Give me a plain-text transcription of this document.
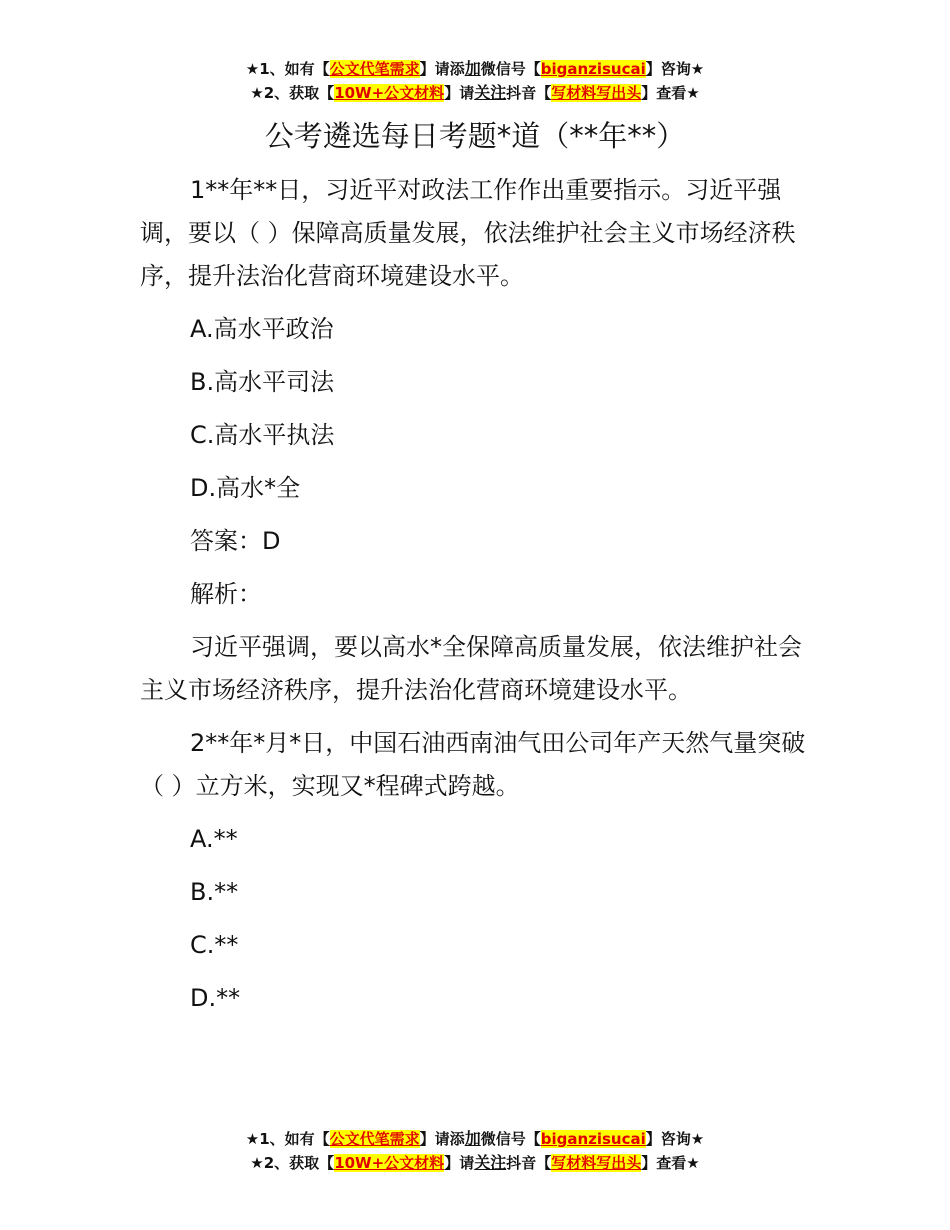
★1、如有【公文代笔需求】请添加微信号【biganzisucai】咨询★
★2、获取【10W+公文材料】请关注抖音【写材料写出头】查看★
公考遴选每日考题*道（**年**）

1**年**日，习近平对政法工作作出重要指示。习近平强调，要以（ ）保障高质量发展，依法维护社会主义市场经济秩序，提升法治化营商环境建设水平。

A.高水平政治

B.高水平司法

C.高水平执法

D.高水*全

答案：D

解析：

习近平强调，要以高水*全保障高质量发展，依法维护社会主义市场经济秩序，提升法治化营商环境建设水平。

2**年*月*日，中国石油西南油气田公司年产天然气量突破（ ）立方米，实现又*程碑式跨越。

A.**

B.**

C.**

D.**

★1、如有【公文代笔需求】请添加微信号【biganzisucai】咨询★
★2、获取【10W+公文材料】请关注抖音【写材料写出头】查看★
